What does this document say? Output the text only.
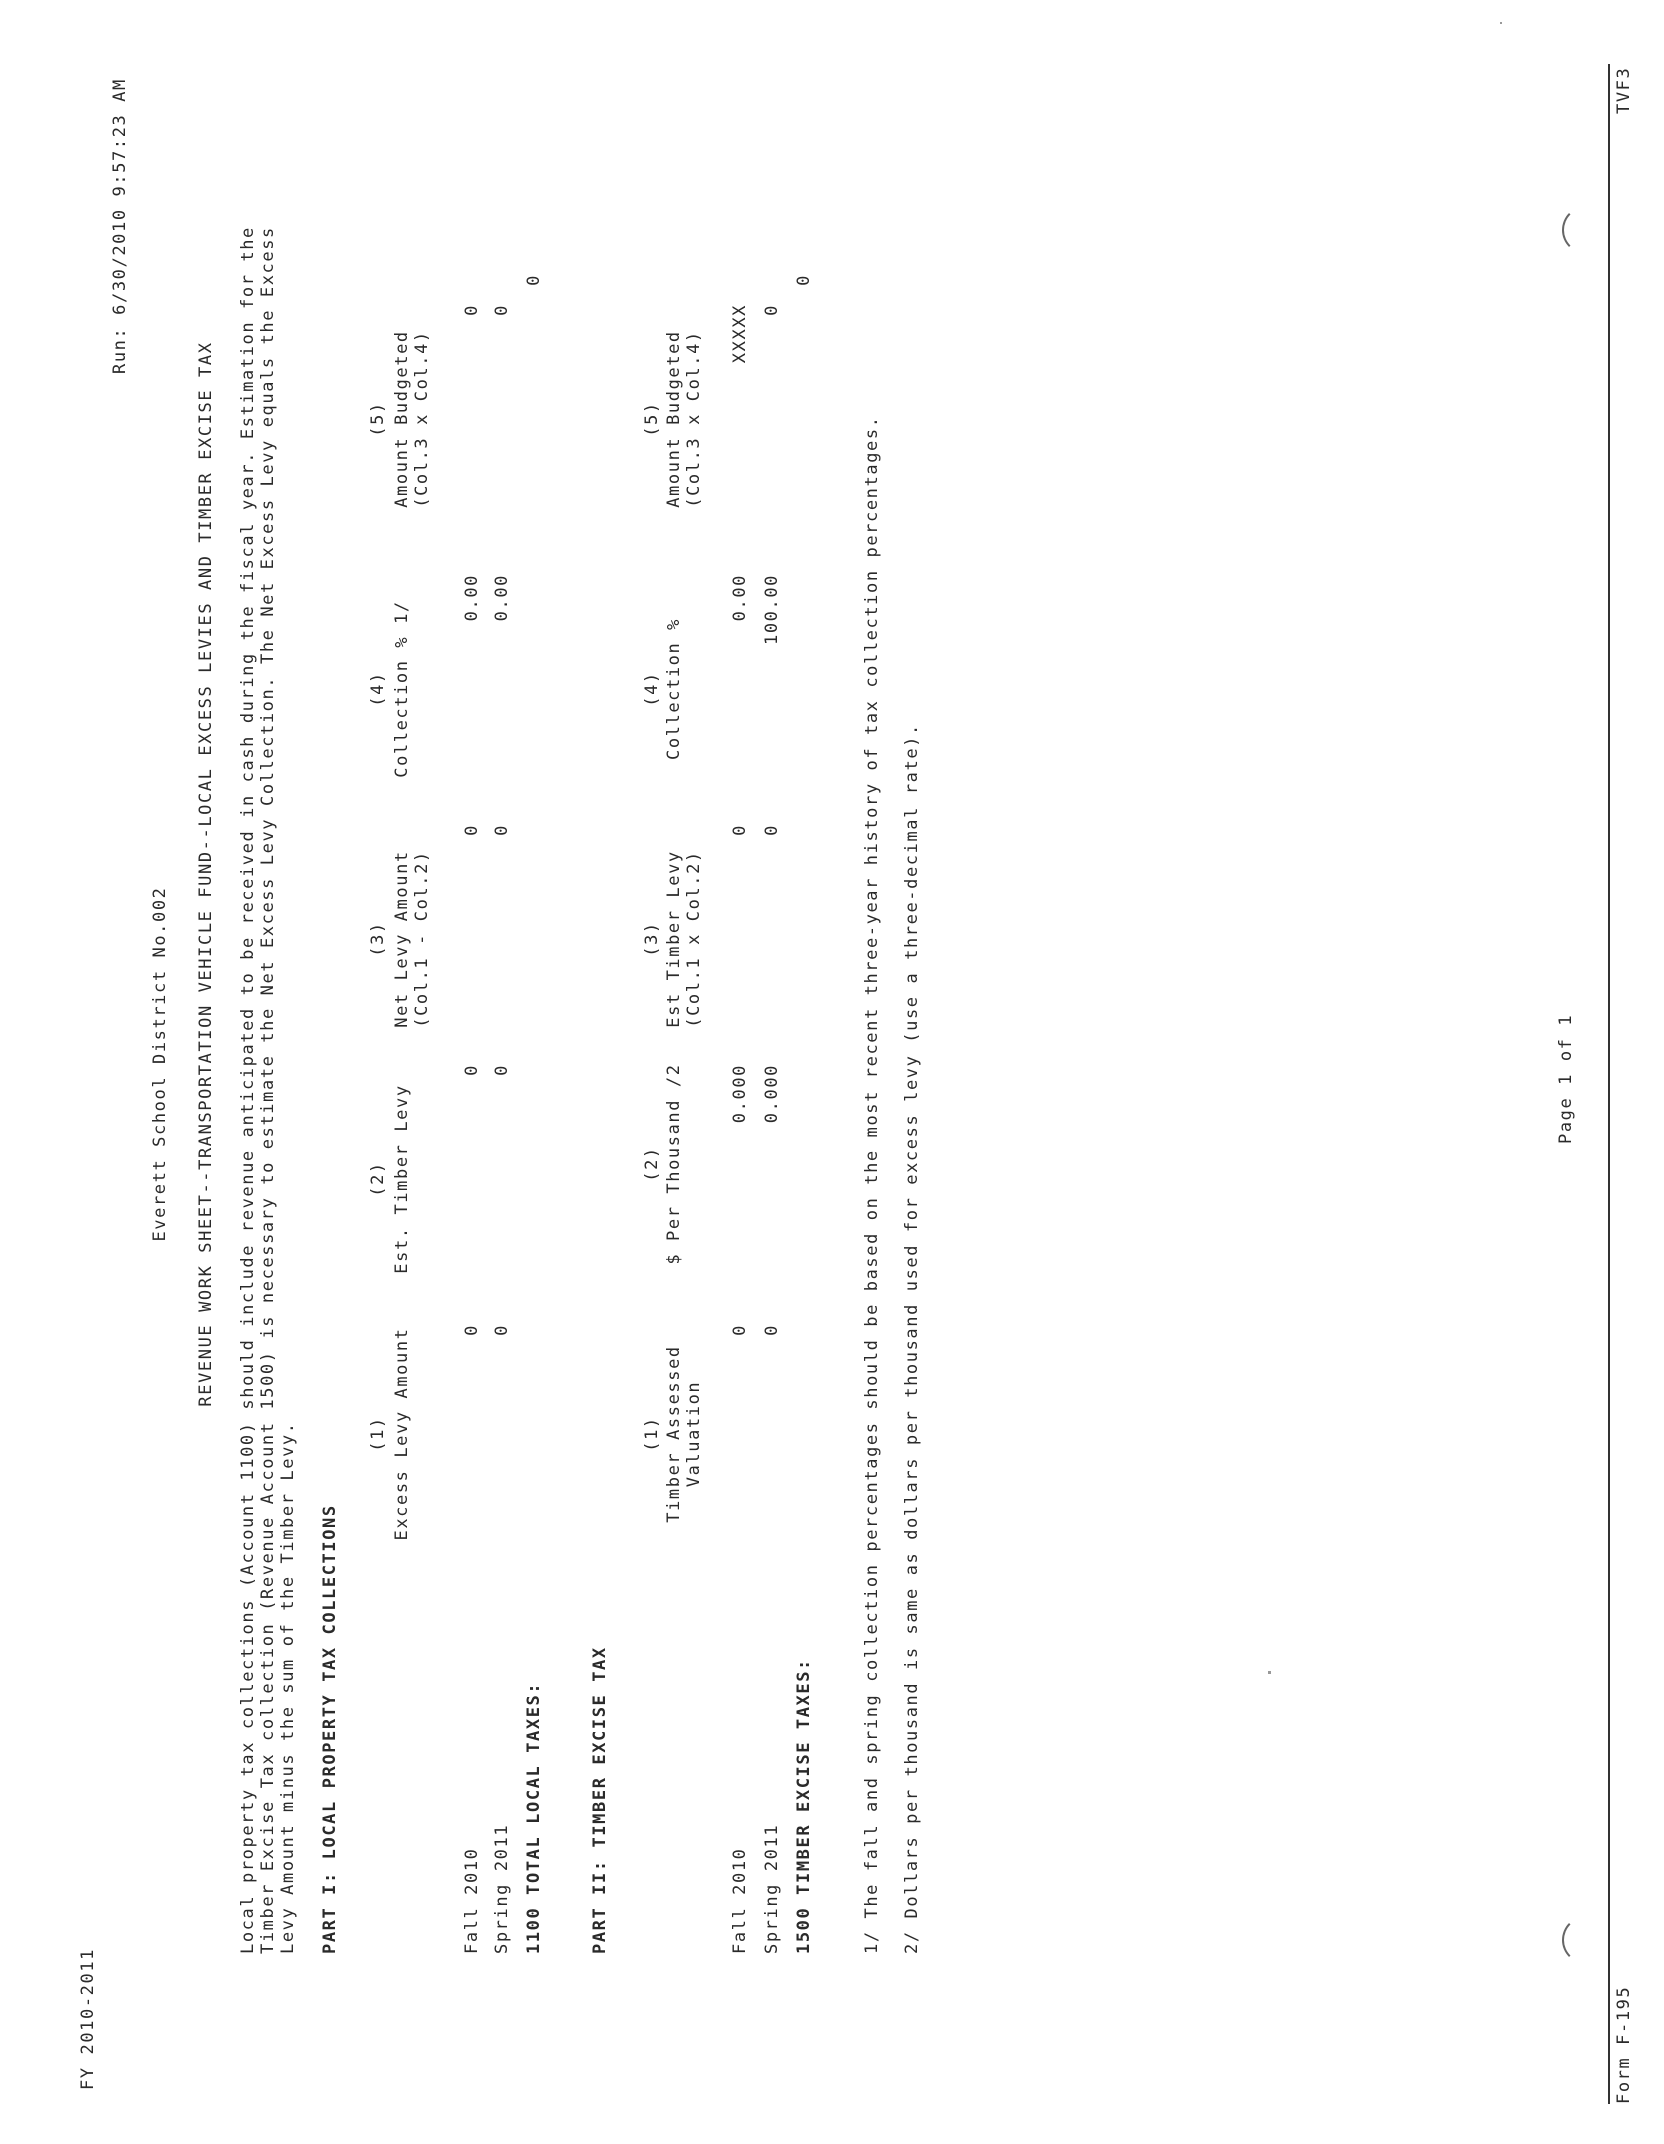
FY 2010-2011
Run: 6/30/2010 9:57:23 AM
Everett School District No.002 REVENUE WORK SHEET--TRANSPORTATION VEHICLE FUND--LOCAL EXCESS LEVIES AND TIMBER EXCISE TAX Local property tax collections (Account 1100) should include revenue anticipated to be received in cash during the fiscal year. Estimation for the Timber Excise Tax collection (Revenue Account 1500) is necessary to estimate the Net Excess Levy Collection. The Net Excess Levy equals the Excess Levy Amount minus the sum of the Timber Levy. PART I: LOCAL PROPERTY TAX COLLECTIONS
(1) Excess Levy Amount
(2) Est. Timber Levy
(3) Net Levy Amount (Col.1 - Col.2)
(4) Collection % 1/
(5) Amount Budgeted (Col.3 x Col.4)
Fall 2010
0
0
0
0.00
0
Spring 2011
0
0
0
0.00
0
1100 TOTAL LOCAL TAXES:
0
PART II: TIMBER EXCISE TAX
(1) Timber Assessed Valuation
(2) $ Per Thousand /2
(3) Est Timber Levy (Col.1 x Col.2)
(4) Collection %
(5) Amount Budgeted (Col.3 x Col.4)
Fall 2010
0
0.000
0
0.00
XXXXX
Spring 2011
0
0.000
0
100.00
0
1500 TIMBER EXCISE TAXES:
0
1/ The fall and spring collection percentages should be based on the most recent three-year history of tax collection percentages. 2/ Dollars per thousand is same as dollars per thousand used for excess levy (use a three-decimal rate).
Form F-195
Page 1 of 1
TVF3
